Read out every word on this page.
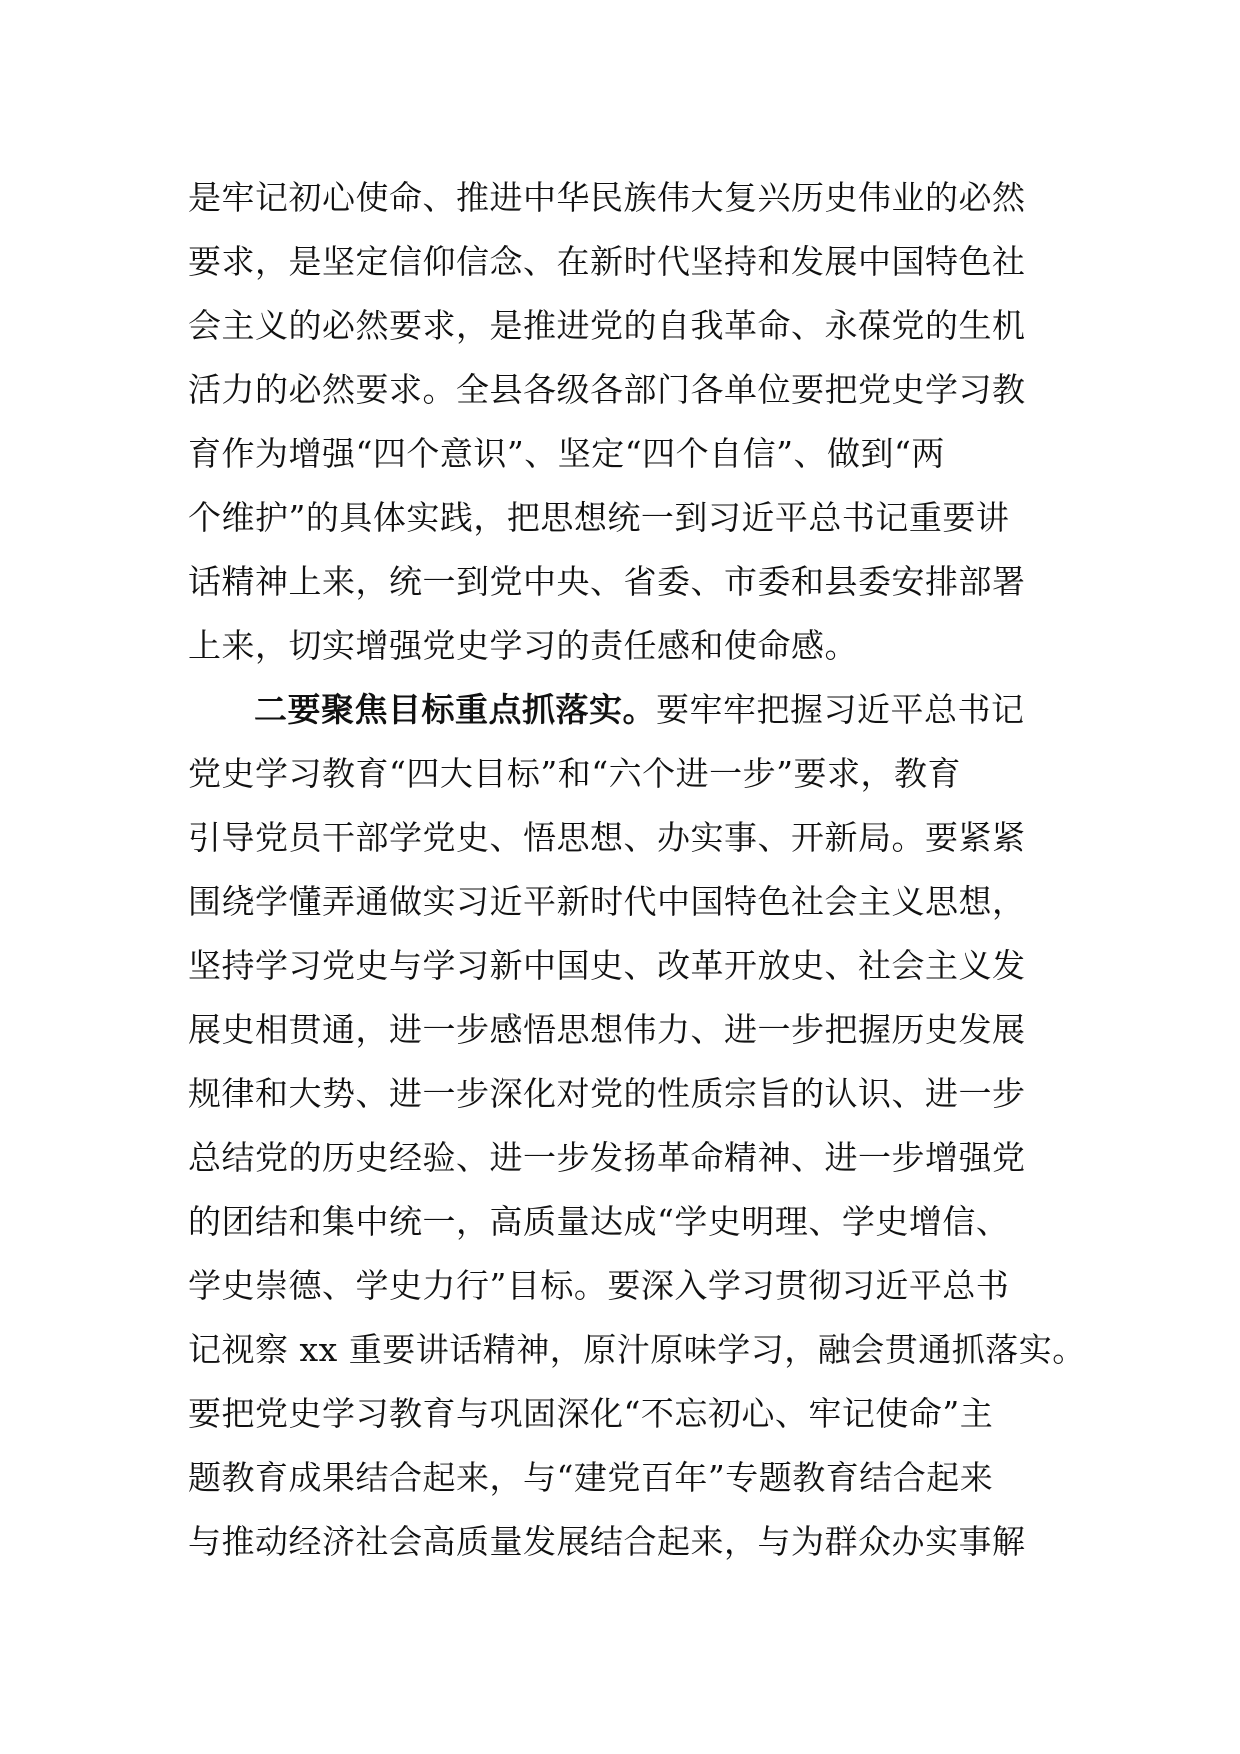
是牢记初心使命、推进中华民族伟大复兴历史伟业的必然
要求，是坚定信仰信念、在新时代坚持和发展中国特色社
会主义的必然要求，是推进党的自我革命、永葆党的生机
活力的必然要求。全县各级各部门各单位要把党史学习教
育作为增强“四个意识”、坚定“四个自信”、做到“两
个维护”的具体实践，把思想统一到习近平总书记重要讲
话精神上来，统一到党中央、省委、市委和县委安排部署
上来，切实增强党史学习的责任感和使命感。
二要聚焦目标重点抓落实。要牢牢把握习近平总书记
党史学习教育“四大目标”和“六个进一步”要求，教育
引导党员干部学党史、悟思想、办实事、开新局。要紧紧
围绕学懂弄通做实习近平新时代中国特色社会主义思想，
坚持学习党史与学习新中国史、改革开放史、社会主义发
展史相贯通，进一步感悟思想伟力、进一步把握历史发展
规律和大势、进一步深化对党的性质宗旨的认识、进一步
总结党的历史经验、进一步发扬革命精神、进一步增强党
的团结和集中统一，高质量达成“学史明理、学史增信、
学史崇德、学史力行”目标。要深入学习贯彻习近平总书
记视察 xx 重要讲话精神，原汁原味学习，融会贯通抓落实。
要把党史学习教育与巩固深化“不忘初心、牢记使命”主
题教育成果结合起来，与“建党百年”专题教育结合起来
与推动经济社会高质量发展结合起来，与为群众办实事解
